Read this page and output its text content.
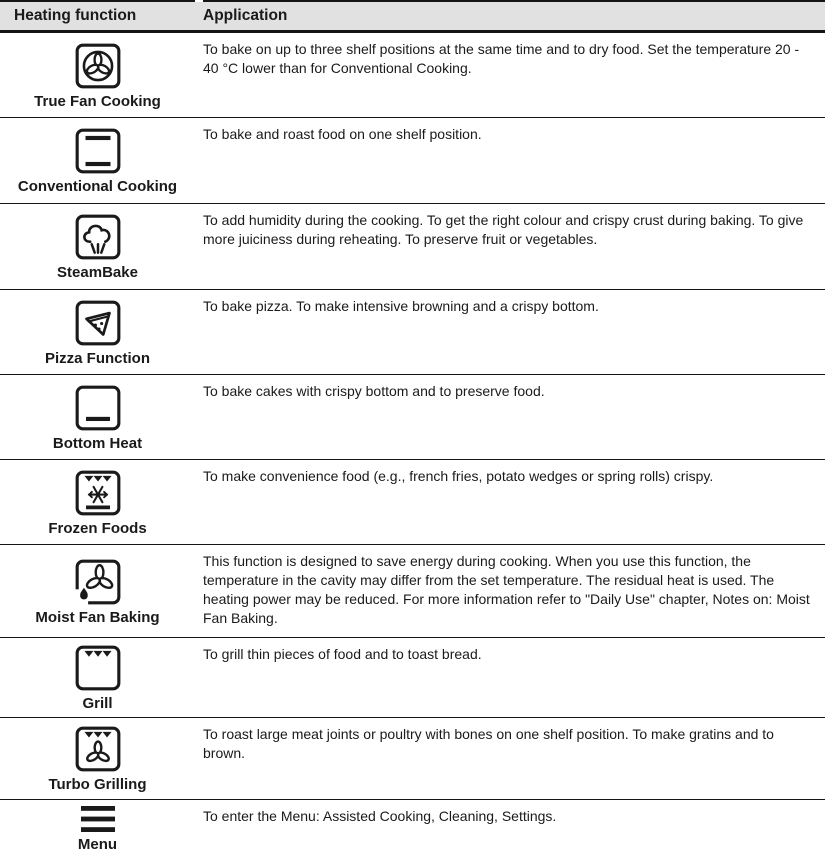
Heating function	Application
True Fan Cooking
To bake on up to three shelf positions at the same time and to dry food. Set the temperature 20 - 40 °C lower than for Conventional Cooking.
Conventional Cooking
To bake and roast food on one shelf position.
SteamBake
To add humidity during the cooking. To get the right colour and crispy crust during baking. To give more juiciness during reheating. To preserve fruit or vegetables.
Pizza Function
To bake pizza. To make intensive browning and a crispy bottom.
Bottom Heat
To bake cakes with crispy bottom and to preserve food.
Frozen Foods
To make convenience food (e.g., french fries, potato wedges or spring rolls) crispy.
Moist Fan Baking
This function is designed to save energy during cooking. When you use this function, the temperature in the cavity may differ from the set temperature. The residual heat is used. The heating power may be reduced. For more information refer to "Daily Use" chapter, Notes on: Moist Fan Baking.
Grill
To grill thin pieces of food and to toast bread.
Turbo Grilling
To roast large meat joints or poultry with bones on one shelf position. To make gratins and to brown.
Menu
To enter the Menu: Assisted Cooking, Cleaning, Settings.
